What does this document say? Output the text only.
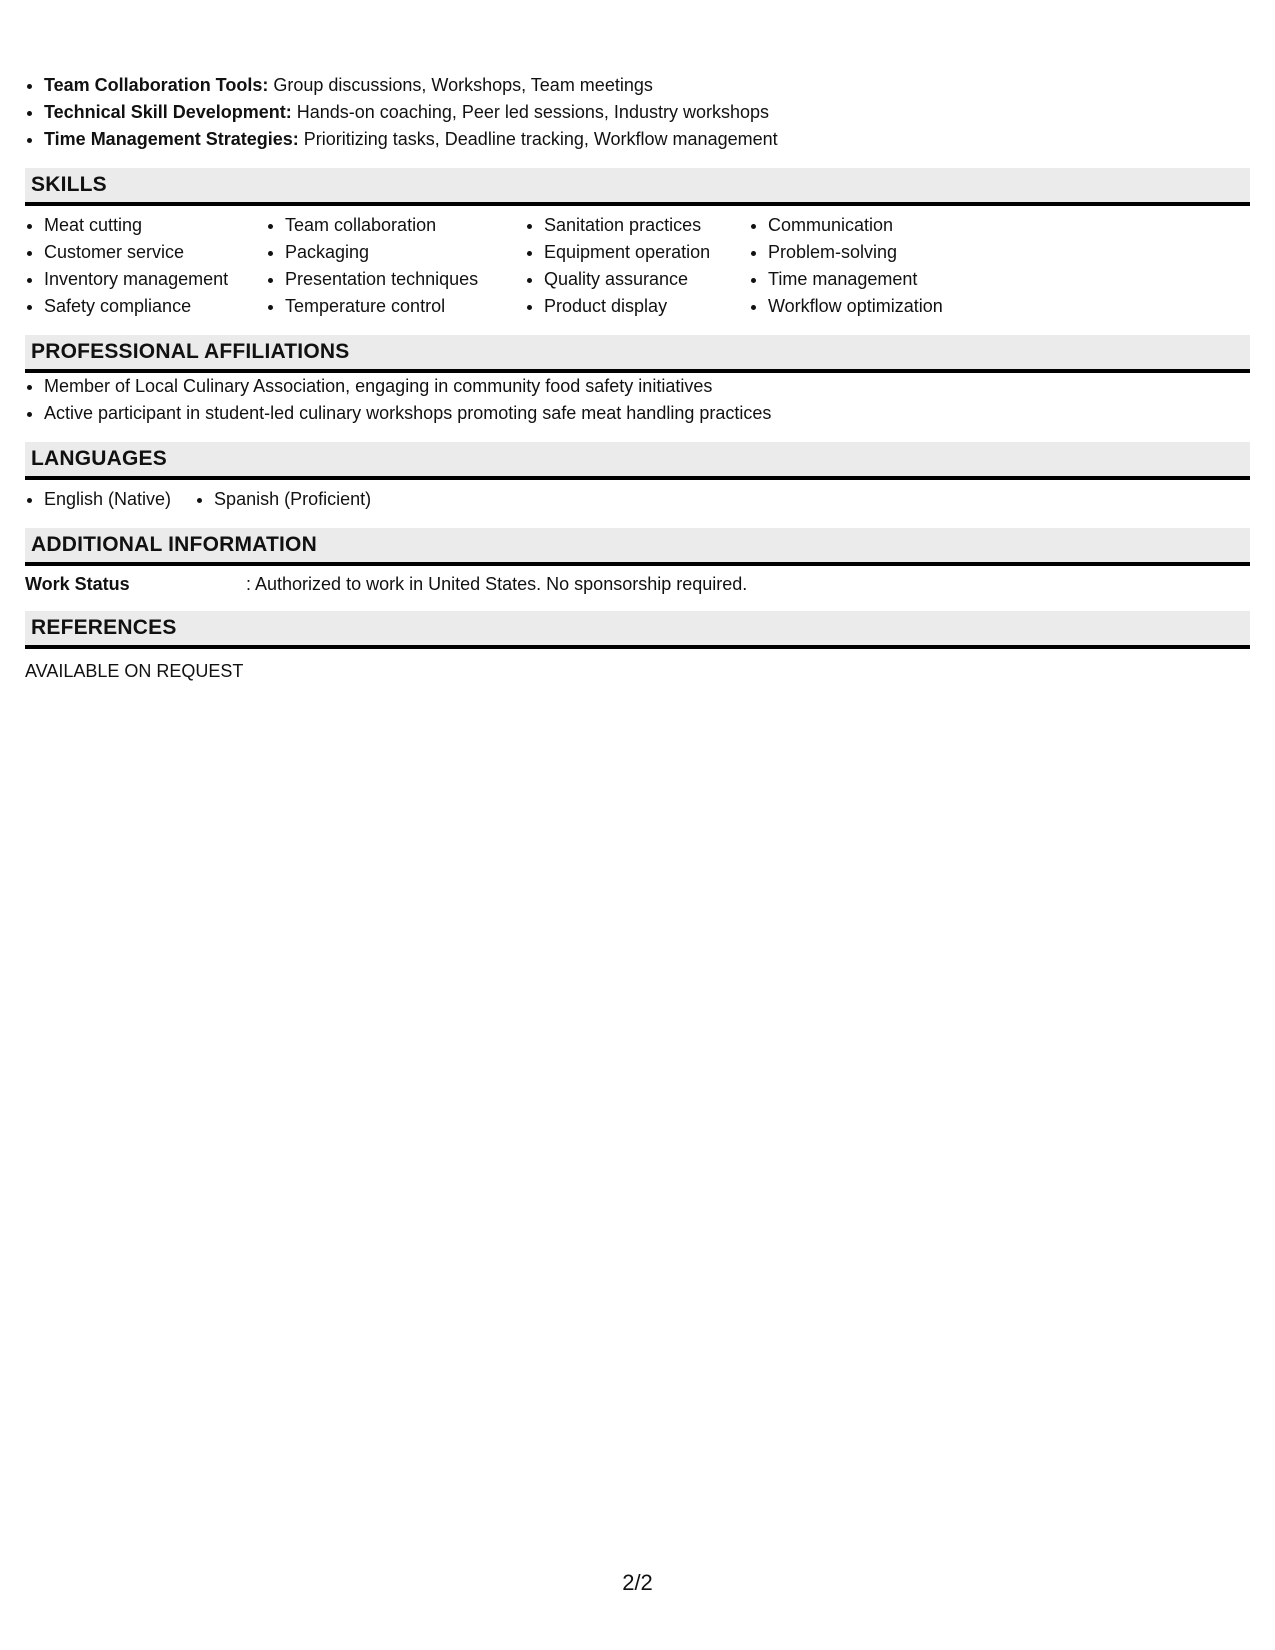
• Team Collaboration Tools: Group discussions, Workshops, Team meetings
• Technical Skill Development: Hands-on coaching, Peer led sessions, Industry workshops
• Time Management Strategies: Prioritizing tasks, Deadline tracking, Workflow management
SKILLS
• Meat cutting
• Customer service
• Inventory management
• Safety compliance
• Team collaboration
• Packaging
• Presentation techniques
• Temperature control
• Sanitation practices
• Equipment operation
• Quality assurance
• Product display
• Communication
• Problem-solving
• Time management
• Workflow optimization
PROFESSIONAL AFFILIATIONS
• Member of Local Culinary Association, engaging in community food safety initiatives
• Active participant in student-led culinary workshops promoting safe meat handling practices
LANGUAGES
• English (Native)
• Spanish (Proficient)
ADDITIONAL INFORMATION
Work Status	: Authorized to work in United States. No sponsorship required.
REFERENCES
AVAILABLE ON REQUEST
2/2
